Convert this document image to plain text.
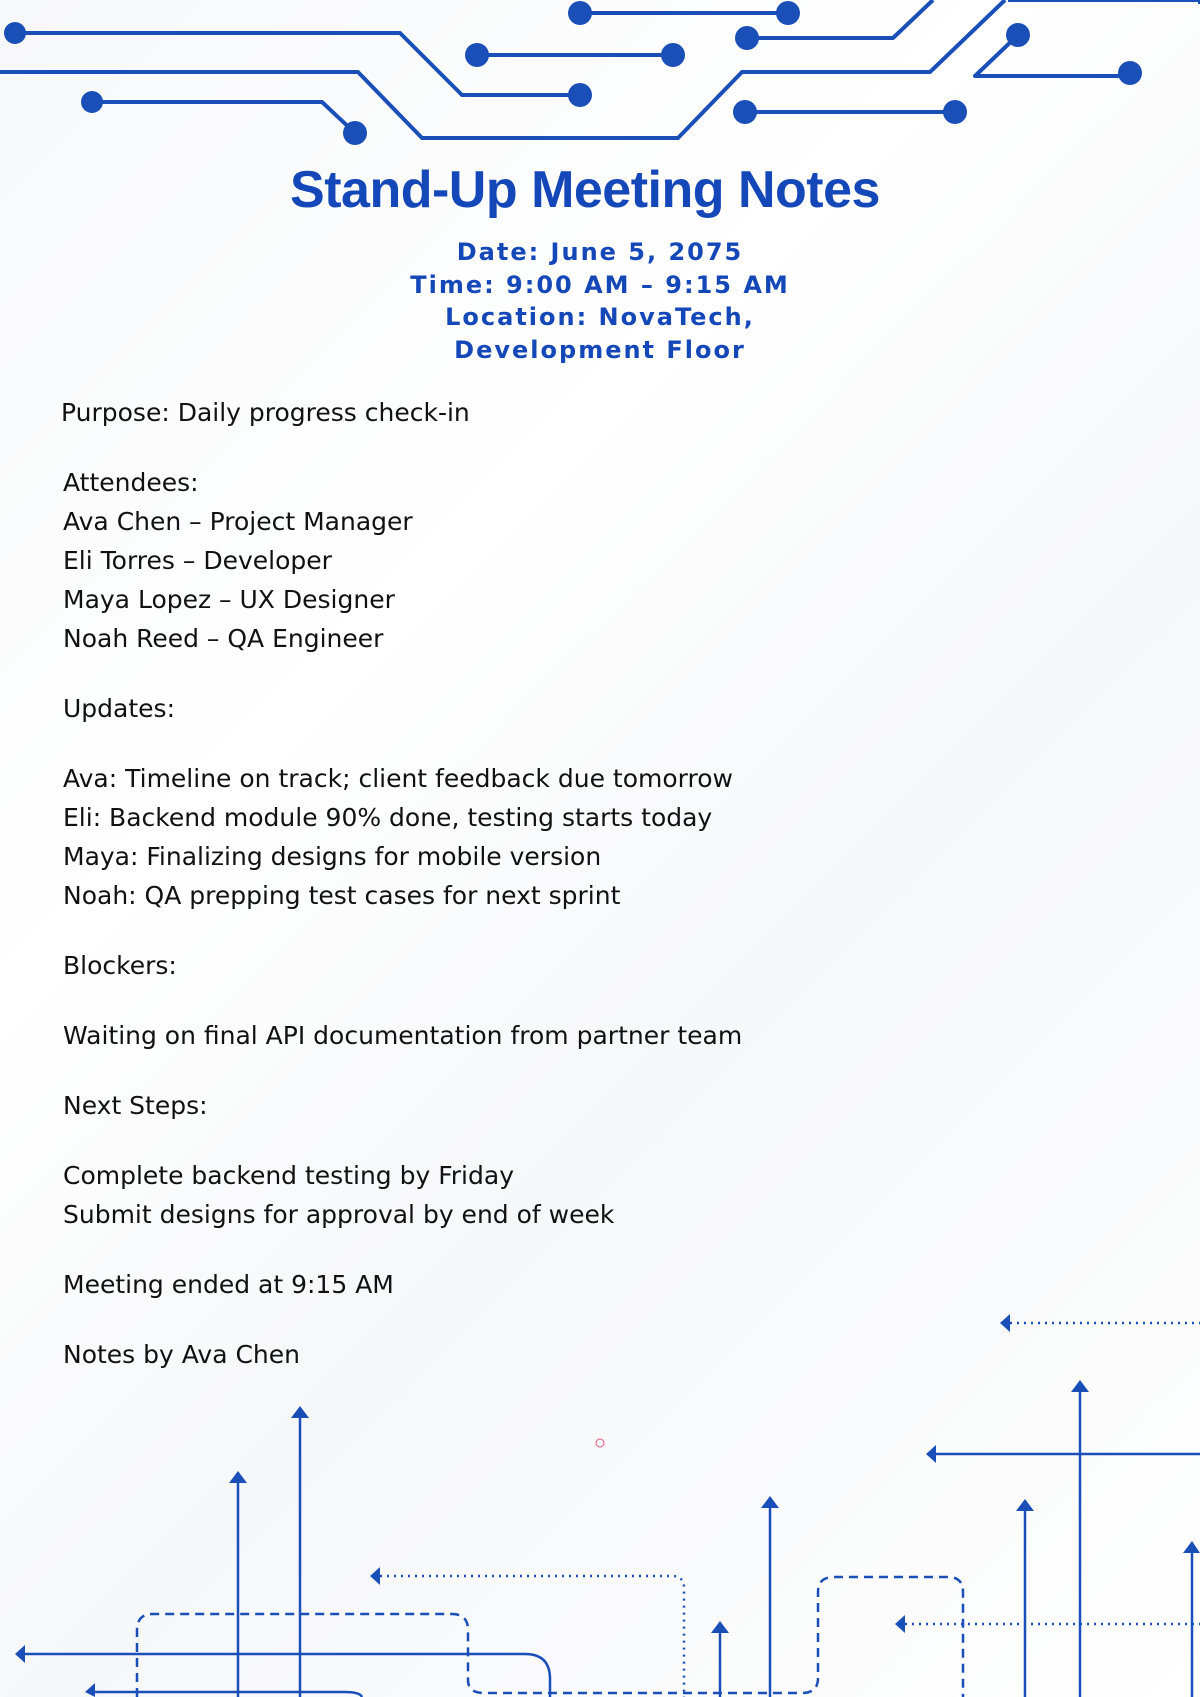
Stand-Up Meeting Notes
Date: June 5, 2075
Time: 9:00 AM – 9:15 AM
Location: NovaTech,
Development Floor
Purpose: Daily progress check-in
Attendees:
Ava Chen – Project Manager
Eli Torres – Developer
Maya Lopez – UX Designer
Noah Reed – QA Engineer
Updates:
Ava: Timeline on track; client feedback due tomorrow
Eli: Backend module 90% done, testing starts today
Maya: Finalizing designs for mobile version
Noah: QA prepping test cases for next sprint
Blockers:
Waiting on final API documentation from partner team
Next Steps:
Complete backend testing by Friday
Submit designs for approval by end of week
Meeting ended at 9:15 AM
Notes by Ava Chen
